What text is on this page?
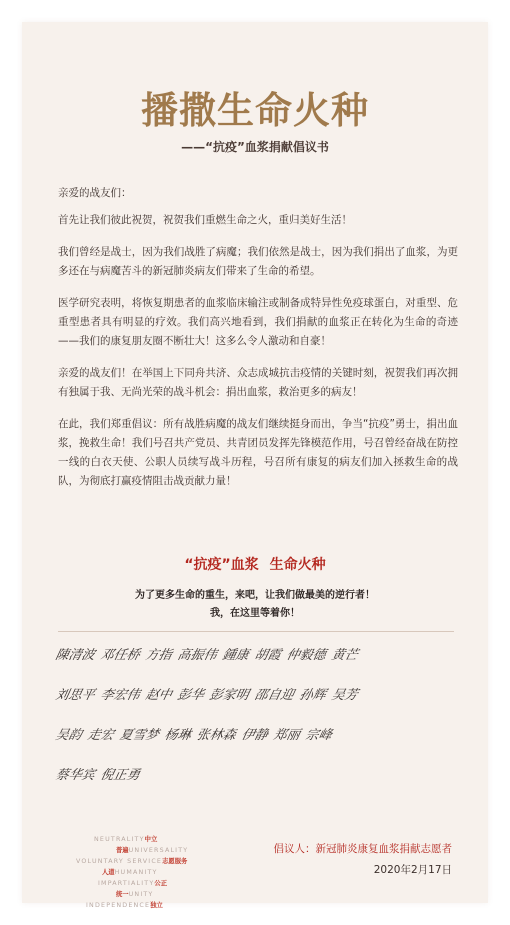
播撒生命火种

——“抗疫”血浆捐献倡议书

亲爱的战友们：

首先让我们彼此祝贺，祝贺我们重燃生命之火，重归美好生活！

我们曾经是战士，因为我们战胜了病魔；我们依然是战士，因为我们捐出了血浆，为更多还在与病魔苦斗的新冠肺炎病友们带来了生命的希望。

医学研究表明，将恢复期患者的血浆临床输注或制备成特异性免疫球蛋白，对重型、危重型患者具有明显的疗效。我们高兴地看到，我们捐献的血浆正在转化为生命的奇迹——我们的康复朋友圈不断壮大！这多么令人激动和自豪！

亲爱的战友们！在举国上下同舟共济、众志成城抗击疫情的关键时刻，祝贺我们再次拥有独属于我、无尚光荣的战斗机会：捐出血浆，救治更多的病友！

在此，我们郑重倡议：所有战胜病魔的战友们继续挺身而出，争当“抗疫”勇士，捐出血浆，挽救生命！我们号召共产党员、共青团员发挥先锋模范作用，号召曾经奋战在防控一线的白衣天使、公职人员续写战斗历程，号召所有康复的病友们加入拯救生命的战队，为彻底打赢疫情阻击战贡献力量！

“抗疫”血浆 生命火种

为了更多生命的重生，来吧，让我们做最美的逆行者！

我，在这里等着你！

陳清波 邓任桥 方指 高振伟 鍾康 胡霞 仲毅德 黄芒
刘思平 李宏伟 赵中 彭华 彭家明 邵自迎 孙辉 吴芳
吴韵 走宏 夏雪梦 杨琳 张林森 伊静 郑丽 宗峰
蔡华宾 倪正勇
NEUTRALITY中立
普遍UNIVERSALITY
VOLUNTARY SERVICE志愿服务
人道HUMANITY
IMPARTIALITY公正
统一UNITY
INDEPENDENCE独立

倡议人：新冠肺炎康复血浆捐献志愿者

2020年2月17日
